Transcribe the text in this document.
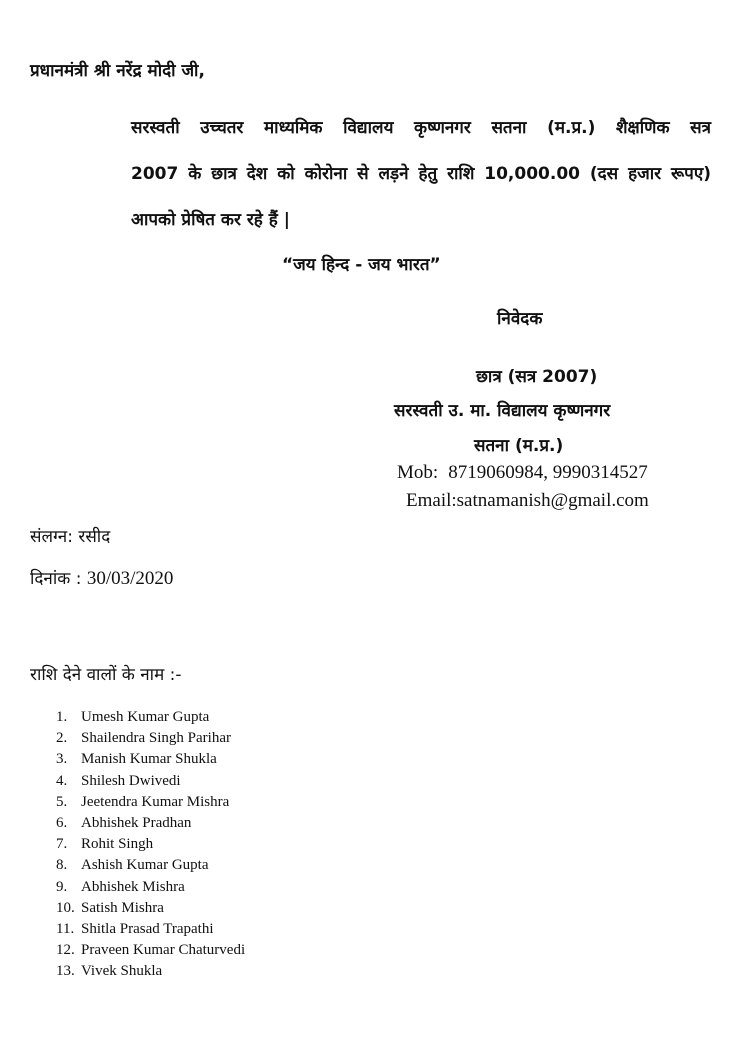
प्रधानमंत्री श्री नरेंद्र मोदी जी,
सरस्वती उच्चतर माध्यमिक विद्यालय कृष्णनगर सतना (म.प्र.) शैक्षणिक सत्र
2007 के छात्र देश को कोरोना से लड़ने हेतु राशि 10,000.00 (दस हजार रूपए)
आपको प्रेषित कर रहे हैं |
“जय हिन्द - जय भारत”
निवेदक
छात्र (सत्र 2007)
सरस्वती उ. मा. विद्यालय कृष्णनगर
सतना (म.प्र.)
Mob: 8719060984, 9990314527
Email:satnamanish@gmail.com
संलग्न: रसीद
दिनांक : 30/03/2020
राशि देने वालों के नाम :-
1. Umesh Kumar Gupta
2. Shailendra Singh Parihar
3. Manish Kumar Shukla
4. Shilesh Dwivedi
5. Jeetendra Kumar Mishra
6. Abhishek Pradhan
7. Rohit Singh
8. Ashish Kumar Gupta
9. Abhishek Mishra
10. Satish Mishra
11. Shitla Prasad Trapathi
12. Praveen Kumar Chaturvedi
13. Vivek Shukla
